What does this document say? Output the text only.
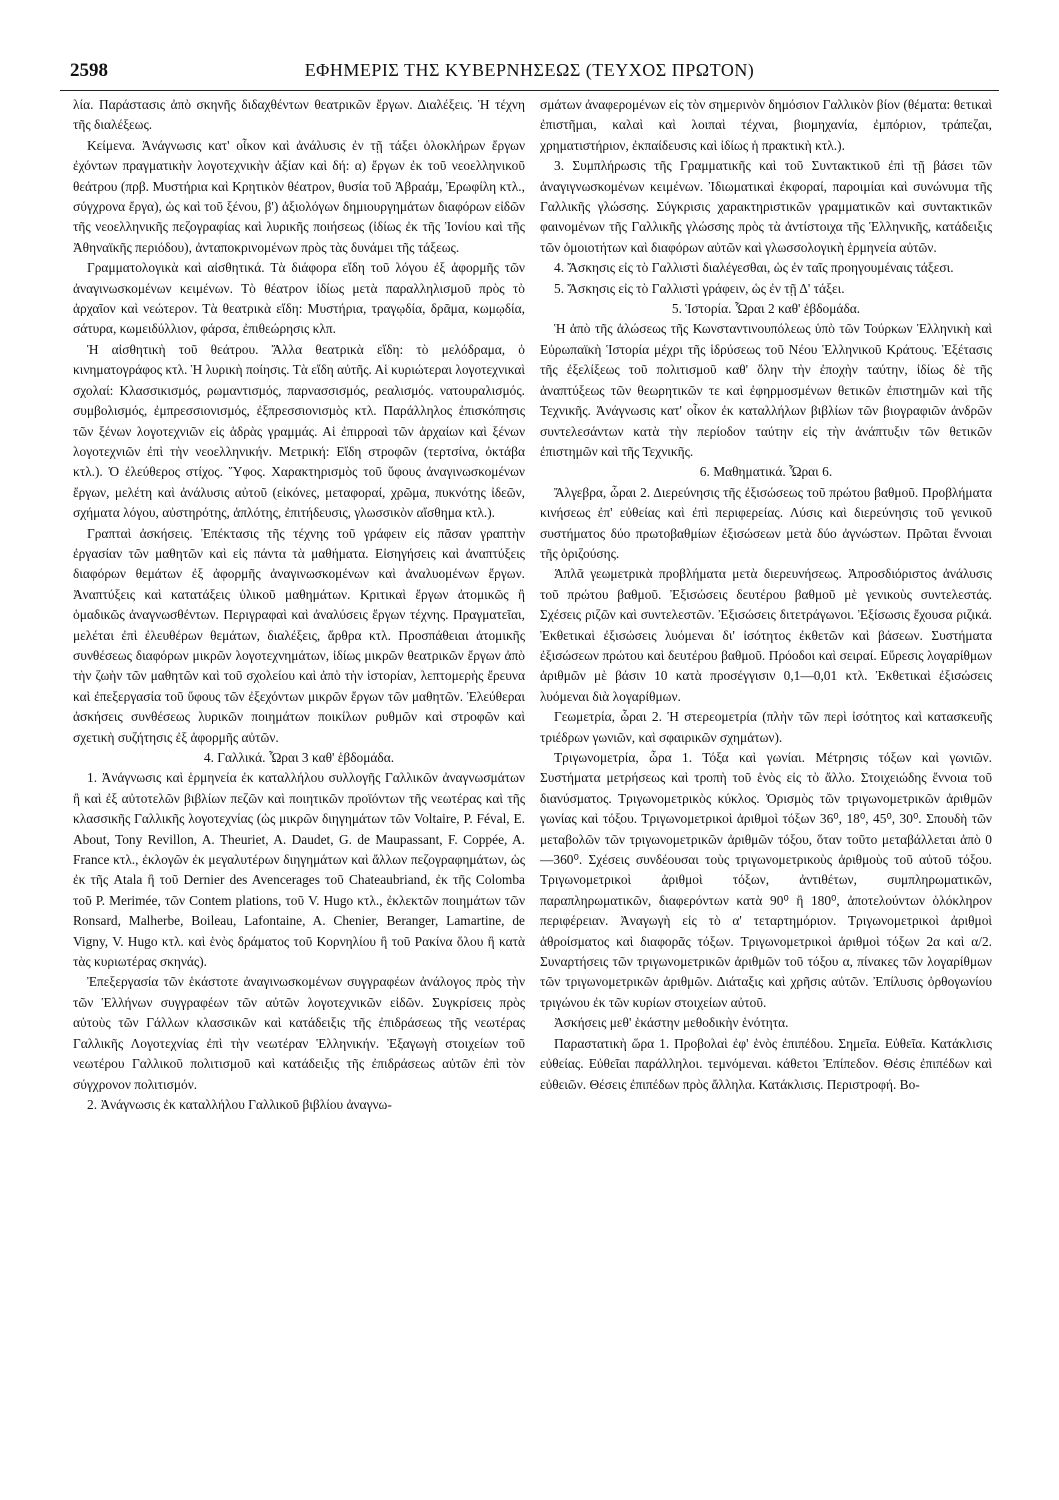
2598	ΕΦΗΜΕΡΙΣ ΤΗΣ ΚΥΒΕΡΝΗΣΕΩΣ (ΤΕΥΧΟΣ ΠΡΩΤΟΝ)

λία. Παράστασις ἀπὸ σκηνῆς διδαχθέντων θεατρικῶν ἔργων. Διαλέξεις. Ἡ τέχνη τῆς διαλέξεως.

Κείμενα. Ἀνάγνωσις κατ' οἶκον καὶ ἀνάλυσις ἐν τῇ τάξει ὁλοκλήρων ἔργων ἐχόντων πραγματικὴν λογοτεχνικὴν ἀξίαν καὶ δή: α) ἔργων ἐκ τοῦ νεοελληνικοῦ θεάτρου (πρβ. Μυστήρια καὶ Κρητικὸν θέατρον, θυσία τοῦ Ἀβραάμ, Ἐρωφίλη κτλ., σύγχρονα ἔργα), ὡς καὶ τοῦ ξένου, β') ἀξιολόγων δημιουργημάτων διαφόρων εἰδῶν τῆς νεοελληνικῆς πεζογραφίας καὶ λυρικῆς ποιήσεως (ἰδίως ἐκ τῆς Ἰονίου καὶ τῆς Ἀθηναϊκῆς περιόδου), ἀνταποκρινομένων πρὸς τὰς δυνάμει τῆς τάξεως.

Γραμματολογικὰ καὶ αἰσθητικά. Τὰ διάφορα εἴδη τοῦ λόγου ἐξ ἀφορμῆς τῶν ἀναγινωσκομένων κειμένων. Τὸ θέατρον ἰδίως μετὰ παραλληλισμοῦ πρὸς τὸ ἀρχαῖον καὶ νεώτερον. Τὰ θεατρικὰ εἴδη: Μυστήρια, τραγῳδία, δρᾶμα, κωμῳδία, σάτυρα, κωμειδύλλιον, φάρσα, ἐπιθεώρησις κλπ.

Ἡ αἰσθητικὴ τοῦ θεάτρου. Ἄλλα θεατρικὰ εἴδη: τὸ μελόδραμα, ὁ κινηματογράφος κτλ. Ἡ λυρικὴ ποίησις. Τὰ εἴδη αὐτῆς. Αἱ κυριώτεραι λογοτεχνικαὶ σχολαί: Κλασσικισμός, ρωμαντισμός, παρνασσισμός, ρεαλισμός. νατουραλισμός. συμβολισμός, ἐμπρεσσιονισμός, ἐξπρεσσιονισμὸς κτλ. Παράλληλος ἐπισκόπησις τῶν ξένων λογοτεχνιῶν εἰς ἁδρὰς γραμμάς. Αἱ ἐπιρροαὶ τῶν ἀρχαίων καὶ ξένων λογοτεχνιῶν ἐπὶ τὴν νεοελληνικήν. Μετρική: Εἴδη στροφῶν (τερτσίνα, ὀκτάβα κτλ.). Ὁ ἐλεύθερος στίχος. Ὕφος. Χαρακτηρισμὸς τοῦ ὕφους ἀναγινωσκομένων ἔργων, μελέτη καὶ ἀνάλυσις αὐτοῦ (εἰκόνες, μεταφοραί, χρῶμα, πυκνότης ἰδεῶν, σχήματα λόγου, αὐστηρότης, ἁπλότης, ἐπιτήδευσις, γλωσσικὸν αἴσθημα κτλ.).

Γραπταὶ ἀσκήσεις. Ἐπέκτασις τῆς τέχνης τοῦ γράφειν εἰς πᾶσαν γραπτὴν ἐργασίαν τῶν μαθητῶν καὶ εἰς πάντα τὰ μαθήματα. Εἰσηγήσεις καὶ ἀναπτύξεις διαφόρων θεμάτων ἐξ ἀφορμῆς ἀναγινωσκομένων καὶ ἀναλυομένων ἔργων. Ἀναπτύξεις καὶ κατατάξεις ὑλικοῦ μαθημάτων. Κριτικαὶ ἔργων ἀτομικῶς ἢ ὁμαδικῶς ἀναγνωσθέντων. Περιγραφαὶ καὶ ἀναλύσεις ἔργων τέχνης. Πραγματεῖαι, μελέται ἐπὶ ἐλευθέρων θεμάτων, διαλέξεις, ἄρθρα κτλ. Προσπάθειαι ἀτομικῆς συνθέσεως διαφόρων μικρῶν λογοτεχνημάτων, ἰδίως μικρῶν θεατρικῶν ἔργων ἀπὸ τὴν ζωὴν τῶν μαθητῶν καὶ τοῦ σχολείου καὶ ἀπὸ τὴν ἱστορίαν, λεπτομερὴς ἔρευνα καὶ ἐπεξεργασία τοῦ ὕφους τῶν ἐξεχόντων μικρῶν ἔργων τῶν μαθητῶν. Ἐλεύθεραι ἀσκήσεις συνθέσεως λυρικῶν ποιημάτων ποικίλων ρυθμῶν καὶ στροφῶν καὶ σχετικὴ συζήτησις ἐξ ἀφορμῆς αὐτῶν.

4. Γαλλικά. Ὧραι 3 καθ' ἑβδομάδα.

1. Ἀνάγνωσις καὶ ἑρμηνεία ἐκ καταλλήλου συλλογῆς Γαλλικῶν ἀναγνωσμάτων ἢ καὶ ἐξ αὐτοτελῶν βιβλίων πεζῶν καὶ ποιητικῶν προϊόντων τῆς νεωτέρας καὶ τῆς κλασσικῆς Γαλλικῆς λογοτεχνίας (ὡς μικρῶν διηγημάτων τῶν Voltaire, P. Féval, E. About, Tony Revillon, A. Theuriet, A. Daudet, G. de Maupassant, F. Coppée, A. France κτλ., ἐκλογῶν ἐκ μεγαλυτέρων διηγημάτων καὶ ἄλλων πεζογραφημάτων, ὡς ἐκ τῆς Atala ἢ τοῦ Dernier des Avencerages τοῦ Chateaubriand, ἐκ τῆς Colomba τοῦ P. Merimée, τῶν Contem plations, τοῦ V. Hugo κτλ., ἐκλεκτῶν ποιημάτων τῶν Ronsard, Malherbe, Boileau, Lafontaine, A. Chenier, Beranger, Lamartine, de Vigny, V. Hugo κτλ. καὶ ἑνὸς δράματος τοῦ Κορνηλίου ἢ τοῦ Ρακίνα ὅλου ἢ κατὰ τὰς κυριωτέρας σκηνάς).

Ἐπεξεργασία τῶν ἑκάστοτε ἀναγινωσκομένων συγγραφέων ἀνάλογος πρὸς τὴν τῶν Ἑλλήνων συγγραφέων τῶν αὐτῶν λογοτεχνικῶν εἰδῶν. Συγκρίσεις πρὸς αὐτοὺς τῶν Γάλλων κλασσικῶν καὶ κατάδειξις τῆς ἐπιδράσεως τῆς νεωτέρας Γαλλικῆς Λογοτεχνίας ἐπὶ τὴν νεωτέραν Ἑλληνικήν. Ἐξαγωγὴ στοιχείων τοῦ νεωτέρου Γαλλικοῦ πολιτισμοῦ καὶ κατάδειξις τῆς ἐπιδράσεως αὐτῶν ἐπὶ τὸν σύγχρονον πολιτισμόν.

2. Ἀνάγνωσις ἐκ καταλλήλου Γαλλικοῦ βιβλίου ἀναγνω-

σμάτων ἀναφερομένων εἰς τὸν σημερινὸν δημόσιον Γαλλικὸν βίον (θέματα: θετικαὶ ἐπιστῆμαι, καλαὶ καὶ λοιπαὶ τέχναι, βιομηχανία, ἐμπόριον, τράπεζαι, χρηματιστήριον, ἐκπαίδευσις καὶ ἰδίως ἡ πρακτικὴ κτλ.).

3. Συμπλήρωσις τῆς Γραμματικῆς καὶ τοῦ Συντακτικοῦ ἐπὶ τῇ βάσει τῶν ἀναγιγνωσκομένων κειμένων. Ἰδιωματικαὶ ἐκφοραί, παροιμίαι καὶ συνώνυμα τῆς Γαλλικῆς γλώσσης. Σύγκρισις χαρακτηριστικῶν γραμματικῶν καὶ συντακτικῶν φαινομένων τῆς Γαλλικῆς γλώσσης πρὸς τὰ ἀντίστοιχα τῆς Ἑλληνικῆς, κατάδειξις τῶν ὁμοιοτήτων καὶ διαφόρων αὐτῶν καὶ γλωσσολογικὴ ἑρμηνεία αὐτῶν.

4. Ἄσκησις εἰς τὸ Γαλλιστὶ διαλέγεσθαι, ὡς ἐν ταῖς προηγουμέναις τάξεσι.

5. Ἄσκησις εἰς τὸ Γαλλιστὶ γράφειν, ὡς ἐν τῇ Δ' τάξει.

5. Ἱστορία. Ὧραι 2 καθ' ἑβδομάδα.

Ἡ ἀπὸ τῆς ἁλώσεως τῆς Κωνσταντινουπόλεως ὑπὸ τῶν Τούρκων Ἑλληνικὴ καὶ Εὐρωπαϊκὴ Ἱστορία μέχρι τῆς ἱδρύσεως τοῦ Νέου Ἑλληνικοῦ Κράτους. Ἐξέτασις τῆς ἐξελίξεως τοῦ πολιτισμοῦ καθ' ὅλην τὴν ἐποχὴν ταύτην, ἰδίως δὲ τῆς ἀναπτύξεως τῶν θεωρητικῶν τε καὶ ἐφηρμοσμένων θετικῶν ἐπιστημῶν καὶ τῆς Τεχνικῆς. Ἀνάγνωσις κατ' οἶκον ἐκ καταλλήλων βιβλίων τῶν βιογραφιῶν ἀνδρῶν συντελεσάντων κατὰ τὴν περίοδον ταύτην εἰς τὴν ἀνάπτυξιν τῶν θετικῶν ἐπιστημῶν καὶ τῆς Τεχνικῆς.

6. Μαθηματικά. Ὧραι 6.

Ἄλγεβρα, ὧραι 2. Διερεύνησις τῆς ἐξισώσεως τοῦ πρώτου βαθμοῦ. Προβλήματα κινήσεως ἐπ' εὐθείας καὶ ἐπὶ περιφερείας. Λύσις καὶ διερεύνησις τοῦ γενικοῦ συστήματος δύο πρωτοβαθμίων ἐξισώσεων μετὰ δύο ἀγνώστων. Πρῶται ἔννοιαι τῆς ὁριζούσης.

Ἁπλᾶ γεωμετρικὰ προβλήματα μετὰ διερευνήσεως. Ἀπροσδιόριστος ἀνάλυσις τοῦ πρώτου βαθμοῦ. Ἐξισώσεις δευτέρου βαθμοῦ μὲ γενικοὺς συντελεστάς. Σχέσεις ριζῶν καὶ συντελεστῶν. Ἐξισώσεις διτετράγωνοι. Ἐξίσωσις ἔχουσα ριζικά. Ἐκθετικαὶ ἐξισώσεις λυόμεναι δι' ἰσότητος ἐκθετῶν καὶ βάσεων. Συστήματα ἐξισώσεων πρώτου καὶ δευτέρου βαθμοῦ. Πρόοδοι καὶ σειραί. Εὕρεσις λογαρίθμων ἀριθμῶν μὲ βάσιν 10 κατὰ προσέγγισιν 0,1—0,01 κτλ. Ἐκθετικαὶ ἐξισώσεις λυόμεναι διὰ λογαρίθμων.

Γεωμετρία, ὧραι 2. Ἡ στερεομετρία (πλὴν τῶν περὶ ἰσότητος καὶ κατασκευῆς τριέδρων γωνιῶν, καὶ σφαιρικῶν σχημάτων).

Τριγωνομετρία, ὧρα 1. Τόξα καὶ γωνίαι. Μέτρησις τόξων καὶ γωνιῶν. Συστήματα μετρήσεως καὶ τροπὴ τοῦ ἑνὸς εἰς τὸ ἄλλο. Στοιχειώδης ἔννοια τοῦ διανύσματος. Τριγωνομετρικὸς κύκλος. Ὁρισμὸς τῶν τριγωνομετρικῶν ἀριθμῶν γωνίας καὶ τόξου. Τριγωνομετρικοὶ ἀριθμοὶ τόξων 36⁰, 18⁰, 45⁰, 30⁰. Σπουδὴ τῶν μεταβολῶν τῶν τριγωνομετρικῶν ἀριθμῶν τόξου, ὅταν τοῦτο μεταβάλλεται ἀπὸ 0—360⁰. Σχέσεις συνδέουσαι τοὺς τριγωνομετρικοὺς ἀριθμοὺς τοῦ αὐτοῦ τόξου. Τριγωνομετρικοὶ ἀριθμοὶ τόξων, ἀντιθέτων, συμπληρωματικῶν, παραπληρωματικῶν, διαφερόντων κατὰ 90⁰ ἢ 180⁰, ἀποτελούντων ὁλόκληρον περιφέρειαν. Ἀναγωγὴ εἰς τὸ α' τεταρτημόριον. Τριγωνομετρικοὶ ἀριθμοὶ ἀθροίσματος καὶ διαφορᾶς τόξων. Τριγωνομετρικοὶ ἀριθμοὶ τόξων 2α καὶ α/2. Συναρτήσεις τῶν τριγωνομετρικῶν ἀριθμῶν τοῦ τόξου α, πίνακες τῶν λογαρίθμων τῶν τριγωνομετρικῶν ἀριθμῶν. Διάταξις καὶ χρῆσις αὐτῶν. Ἐπίλυσις ὀρθογωνίου τριγώνου ἐκ τῶν κυρίων στοιχείων αὐτοῦ.

Ἀσκήσεις μεθ' ἑκάστην μεθοδικὴν ἑνότητα.

Παραστατικὴ ὥρα 1. Προβολαὶ ἐφ' ἑνὸς ἐπιπέδου. Σημεῖα. Εὐθεῖα. Κατάκλισις εὐθείας. Εὐθεῖαι παράλληλοι. τεμνόμεναι. κάθετοι Ἐπίπεδον. Θέσις ἐπιπέδων καὶ εὐθειῶν. Θέσεις ἐπιπέδων πρὸς ἄλληλα. Κατάκλισις. Περιστροφή. Βο-
